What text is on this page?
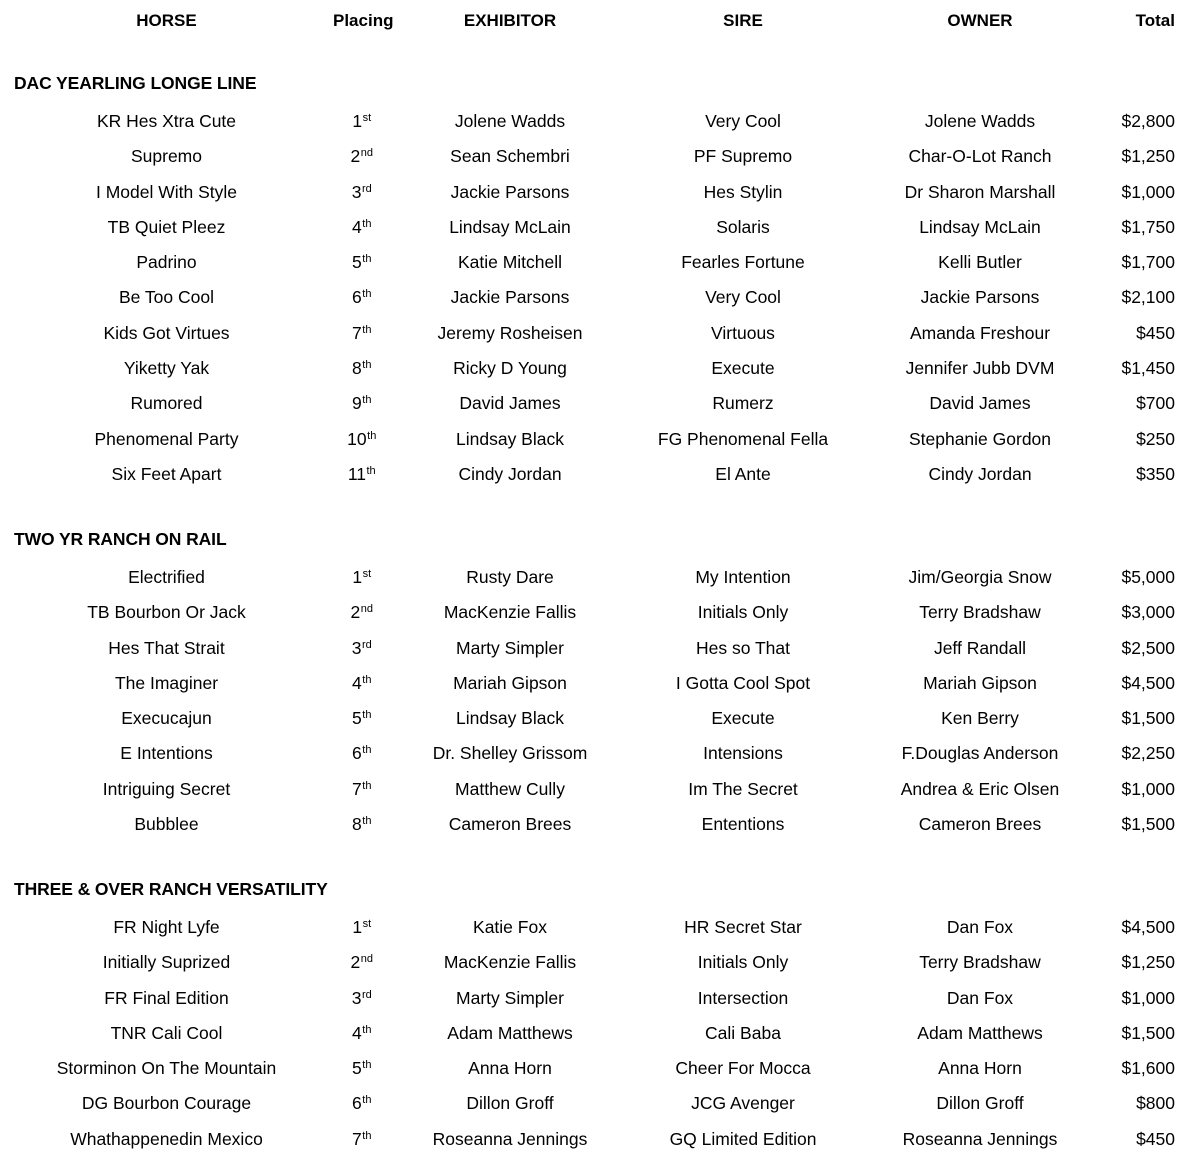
HORSE	Placing	EXHIBITOR	SIRE	OWNER	Total
DAC YEARLING LONGE LINE
KR Hes Xtra Cute	1st	Jolene Wadds	Very Cool	Jolene Wadds	$2,800
Supremo	2nd	Sean Schembri	PF Supremo	Char-O-Lot Ranch	$1,250
I Model With Style	3rd	Jackie Parsons	Hes Stylin	Dr Sharon Marshall	$1,000
TB Quiet Pleez	4th	Lindsay McLain	Solaris	Lindsay McLain	$1,750
Padrino	5th	Katie Mitchell	Fearles Fortune	Kelli Butler	$1,700
Be Too Cool	6th	Jackie Parsons	Very Cool	Jackie Parsons	$2,100
Kids Got Virtues	7th	Jeremy Rosheisen	Virtuous	Amanda Freshour	$450
Yiketty Yak	8th	Ricky D Young	Execute	Jennifer Jubb DVM	$1,450
Rumored	9th	David James	Rumerz	David James	$700
Phenomenal Party	10th	Lindsay Black	FG Phenomenal Fella	Stephanie Gordon	$250
Six Feet Apart	11th	Cindy Jordan	El Ante	Cindy Jordan	$350
TWO YR RANCH ON RAIL
Electrified	1st	Rusty Dare	My Intention	Jim/Georgia Snow	$5,000
TB Bourbon Or Jack	2nd	MacKenzie Fallis	Initials Only	Terry Bradshaw	$3,000
Hes That Strait	3rd	Marty Simpler	Hes so That	Jeff Randall	$2,500
The Imaginer	4th	Mariah Gipson	I Gotta Cool Spot	Mariah Gipson	$4,500
Execucajun	5th	Lindsay Black	Execute	Ken Berry	$1,500
E Intentions	6th	Dr. Shelley Grissom	Intensions	F.Douglas Anderson	$2,250
Intriguing Secret	7th	Matthew Cully	Im The Secret	Andrea & Eric Olsen	$1,000
Bubblee	8th	Cameron Brees	Ententions	Cameron Brees	$1,500
THREE & OVER RANCH VERSATILITY
FR Night Lyfe	1st	Katie Fox	HR Secret Star	Dan Fox	$4,500
Initially Suprized	2nd	MacKenzie Fallis	Initials Only	Terry Bradshaw	$1,250
FR Final Edition	3rd	Marty Simpler	Intersection	Dan Fox	$1,000
TNR Cali Cool	4th	Adam Matthews	Cali Baba	Adam Matthews	$1,500
Storminon On The Mountain	5th	Anna Horn	Cheer For Mocca	Anna Horn	$1,600
DG Bourbon Courage	6th	Dillon Groff	JCG Avenger	Dillon Groff	$800
Whathappenedin Mexico	7th	Roseanna Jennings	GQ Limited Edition	Roseanna Jennings	$450
